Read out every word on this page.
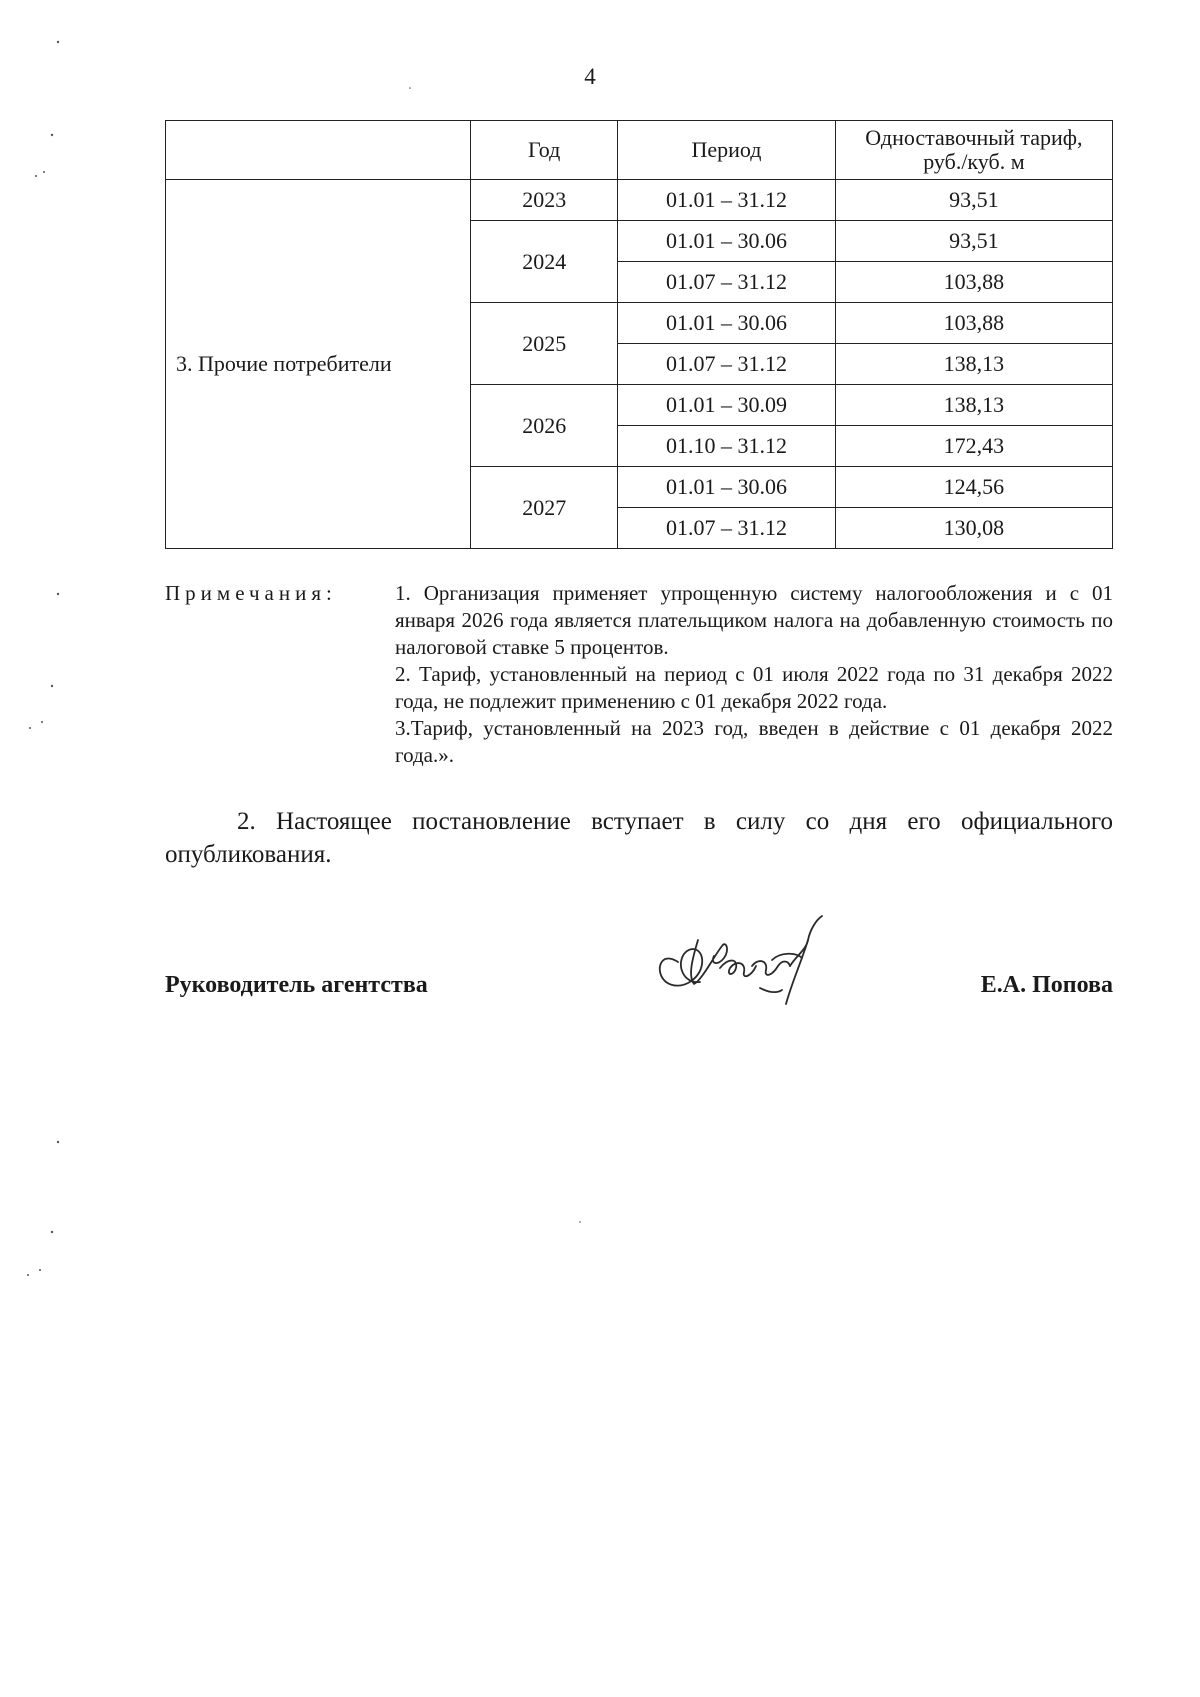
4
	Год	Период	Одноставочный тариф,
руб./куб. м
3. Прочие потребители	2023	01.01 – 31.12	93,51
	2024	01.01 – 30.06	93,51
		01.07 – 31.12	103,88
	2025	01.01 – 30.06	103,88
		01.07 – 31.12	138,13
	2026	01.01 – 30.09	138,13
		01.10 – 31.12	172,43
	2027	01.01 – 30.06	124,56
		01.07 – 31.12	130,08
Примечания:	1. Организация применяет упрощенную систему налогообложения и с 01 января 2026 года является плательщиком налога на добавленную стоимость по налоговой ставке 5 процентов.

2. Тариф, установленный на период с 01 июля 2022 года по 31 декабря 2022 года, не подлежит применению с 01 декабря 2022 года.

3.Тариф, установленный на 2023 год, введен в действие с 01 декабря 2022 года.».

2. Настоящее постановление вступает в силу со дня его официального опубликования.
Руководитель агентства	Е.А. Попова
